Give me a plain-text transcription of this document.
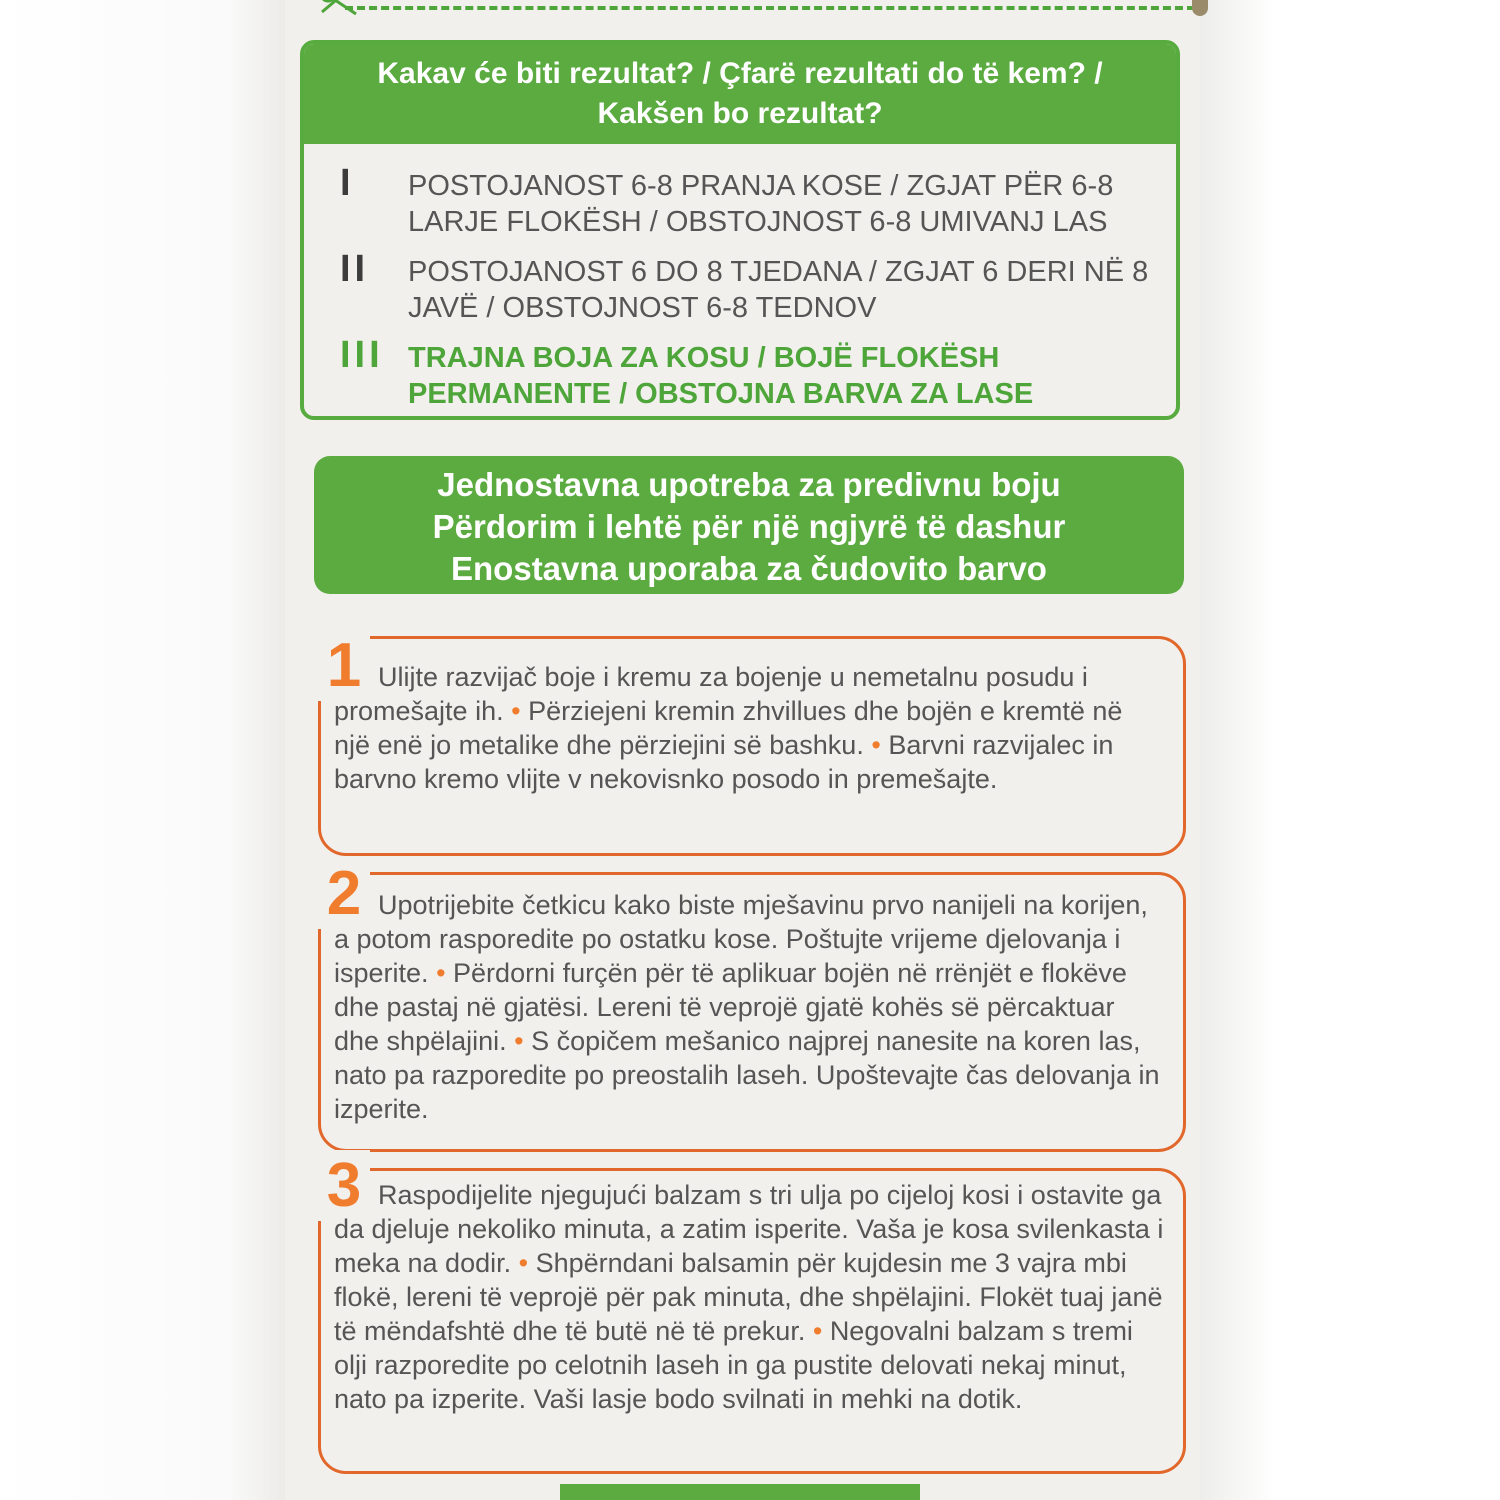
Kakav će biti rezultat? / Çfarë rezultati do të kem? /
Kakšen bo rezultat?
I POSTOJANOST 6-8 PRANJA KOSE / ZGJAT PËR 6-8 LARJE FLOKËSH / OBSTOJNOST 6-8 UMIVANJ LAS
II POSTOJANOST 6 DO 8 TJEDANA / ZGJAT 6 DERI NË 8 JAVË / OBSTOJNOST 6-8 TEDNOV
III TRAJNA BOJA ZA KOSU / BOJË FLOKËSH PERMANENTE / OBSTOJNA BARVA ZA LASE
Jednostavna upotreba za predivnu boju
Përdorim i lehtë për një ngjyrë të dashur
Enostavna uporaba za čudovito barvo
1 Ulijte razvijač boje i kremu za bojenje u nemetalnu posudu i promešajte ih. • Përziejeni kremin zhvillues dhe bojën e kremtë në një enë jo metalike dhe përziejini së bashku. • Barvni razvijalec in barvno kremo vlijte v nekovisnko posodo in premešajte.
2 Upotrijebite četkicu kako biste mješavinu prvo nanijeli na korijen, a potom rasporedite po ostatku kose. Poštujte vrijeme djelovanja i isperite. • Përdorni furçën për të aplikuar bojën në rrënjët e flokëve dhe pastaj në gjatësi. Lereni të veprojë gjatë kohës së përcaktuar dhe shpëlajini. • S čopičem mešanico najprej nanesite na koren las, nato pa razporedite po preostalih laseh. Upoštevajte čas delovanja in izperite.
3 Raspodijelite njegujući balzam s tri ulja po cijeloj kosi i ostavite ga da djeluje nekoliko minuta, a zatim isperite. Vaša je kosa svilenkasta i meka na dodir. • Shpërndani balsamin për kujdesin me 3 vajra mbi flokë, lereni të veprojë për pak minuta, dhe shpëlajini. Flokët tuaj janë të mëndafshtë dhe të butë në të prekur. • Negovalni balzam s tremi olji razporedite po celotnih laseh in ga pustite delovati nekaj minut, nato pa izperite. Vaši lasje bodo svilnati in mehki na dotik.
